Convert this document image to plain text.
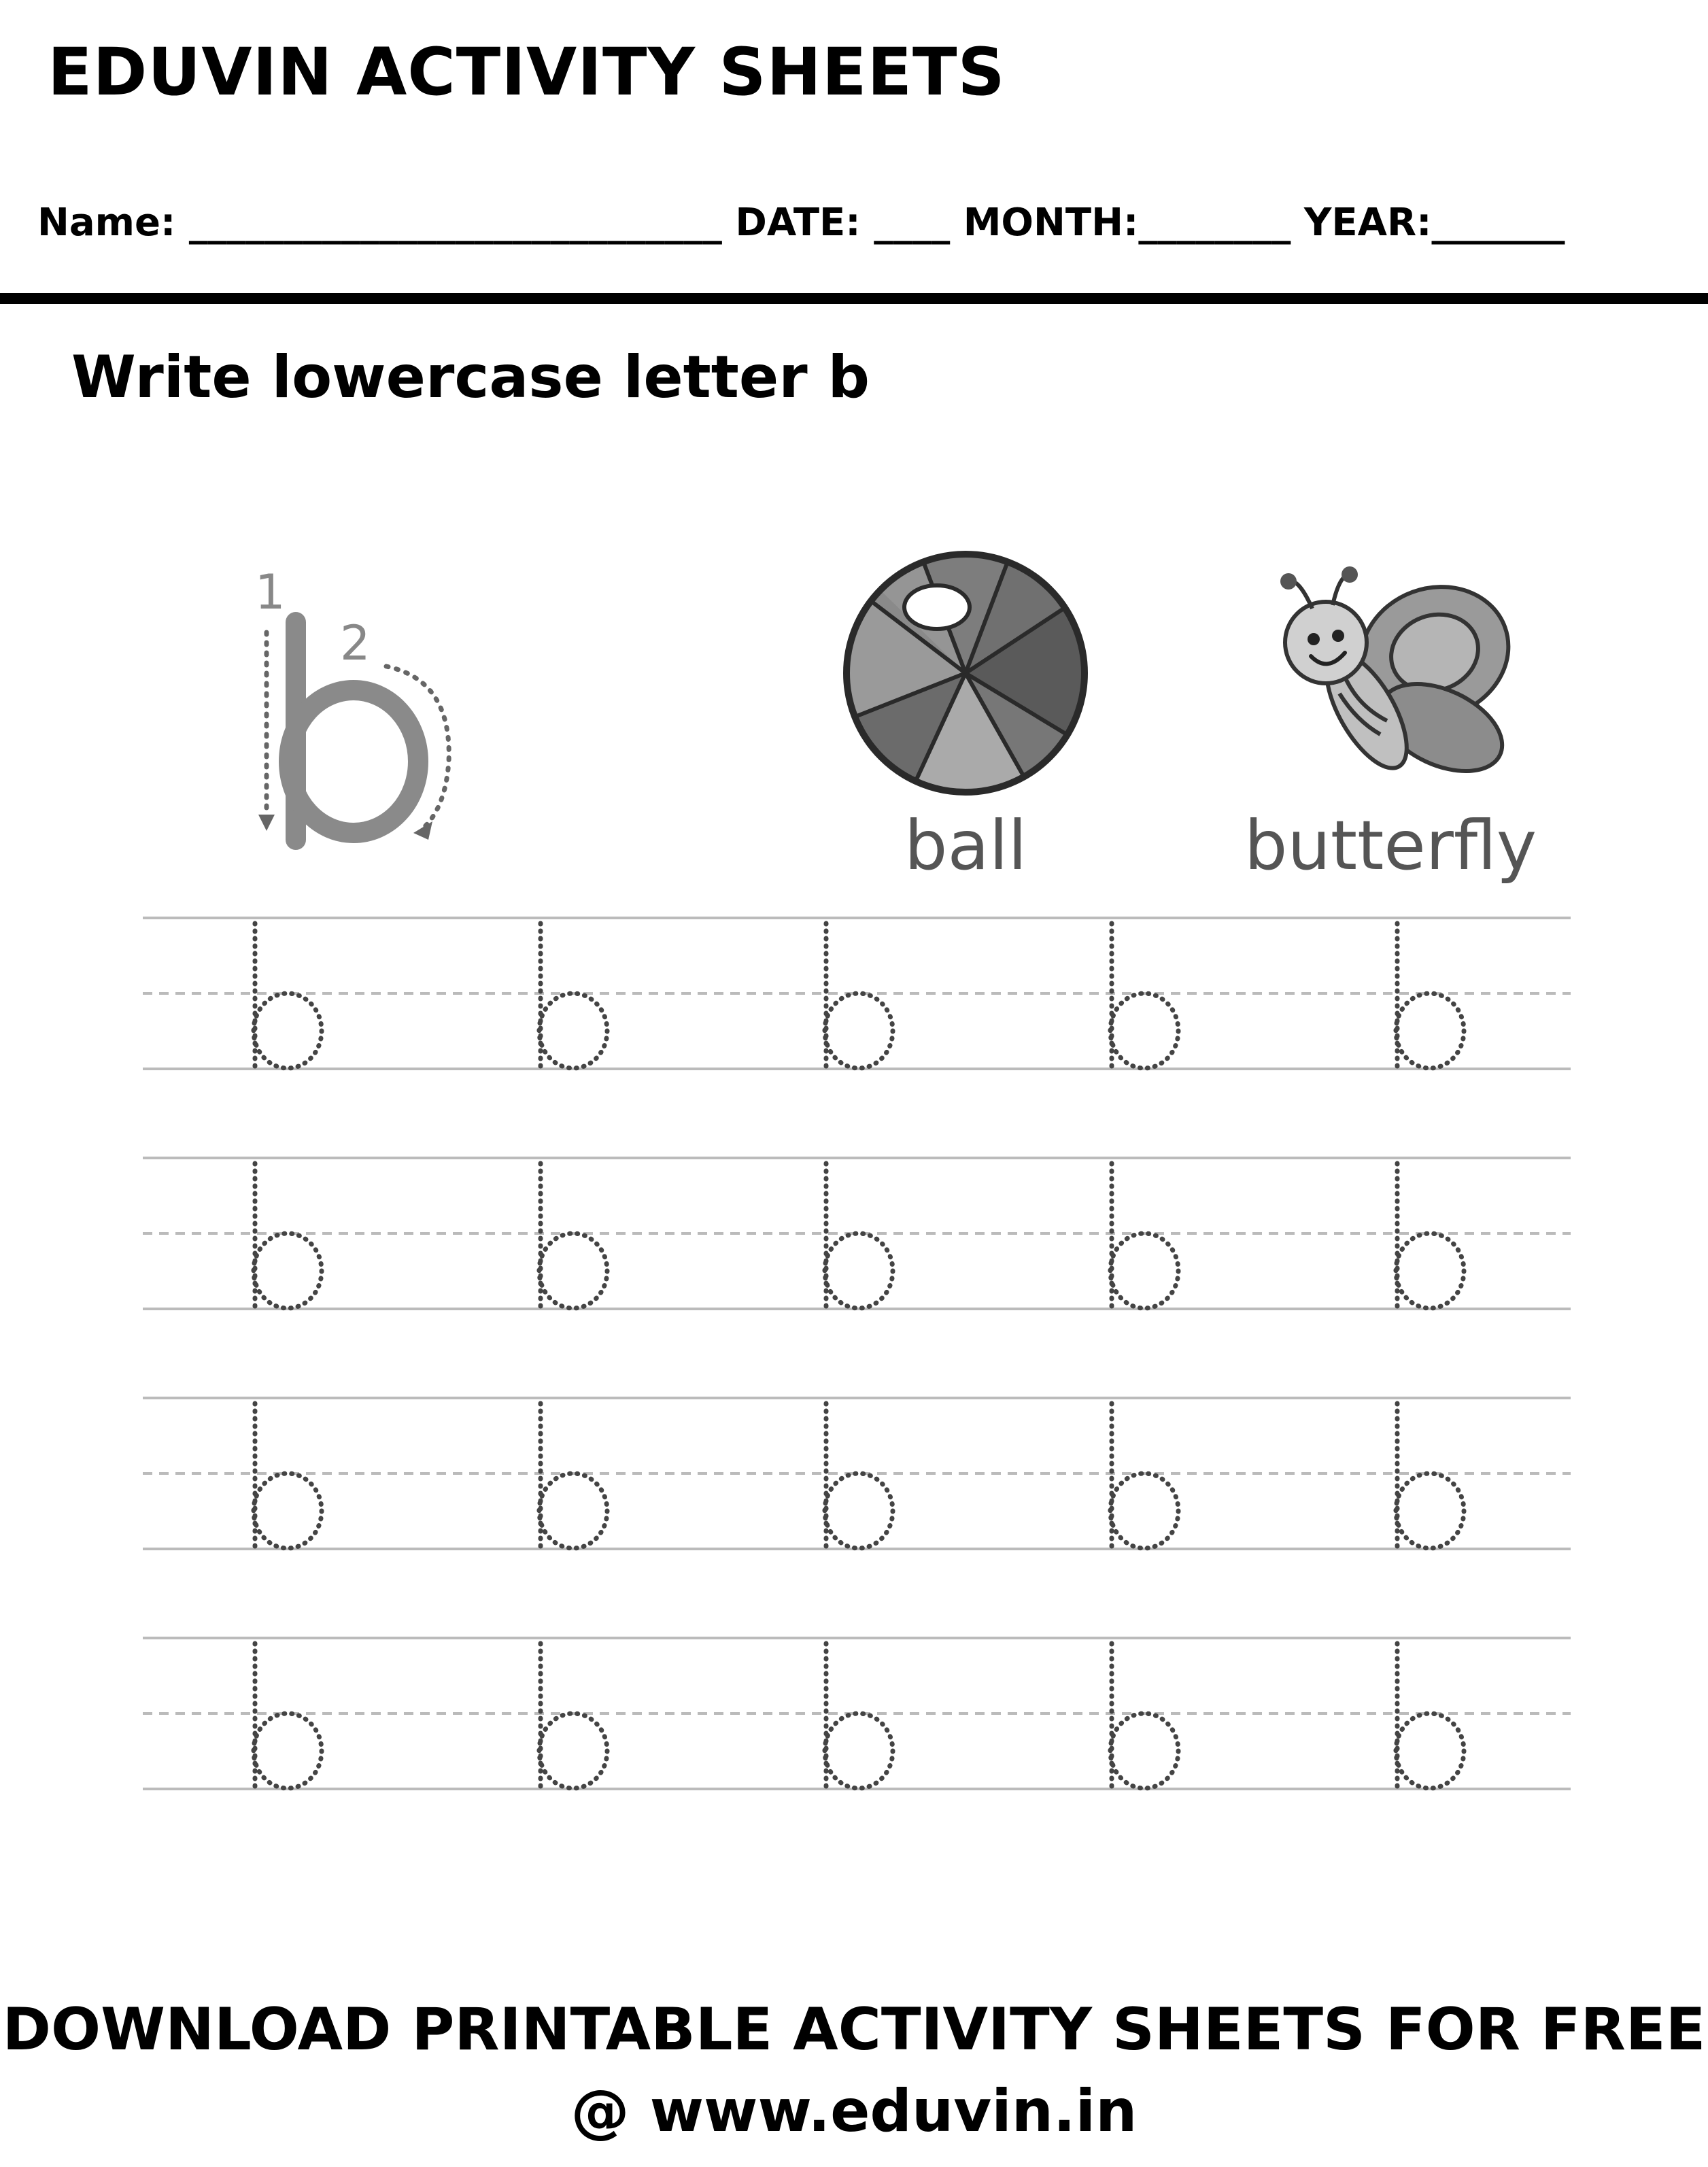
EDUVIN ACTIVITY SHEETS
Name: ____________________________ DATE: ____ MONTH:________ YEAR:_______
Write lowercase letter b
1
2
ball	butterfly
DOWNLOAD PRINTABLE ACTIVITY SHEETS FOR FREE
@ www.eduvin.in
